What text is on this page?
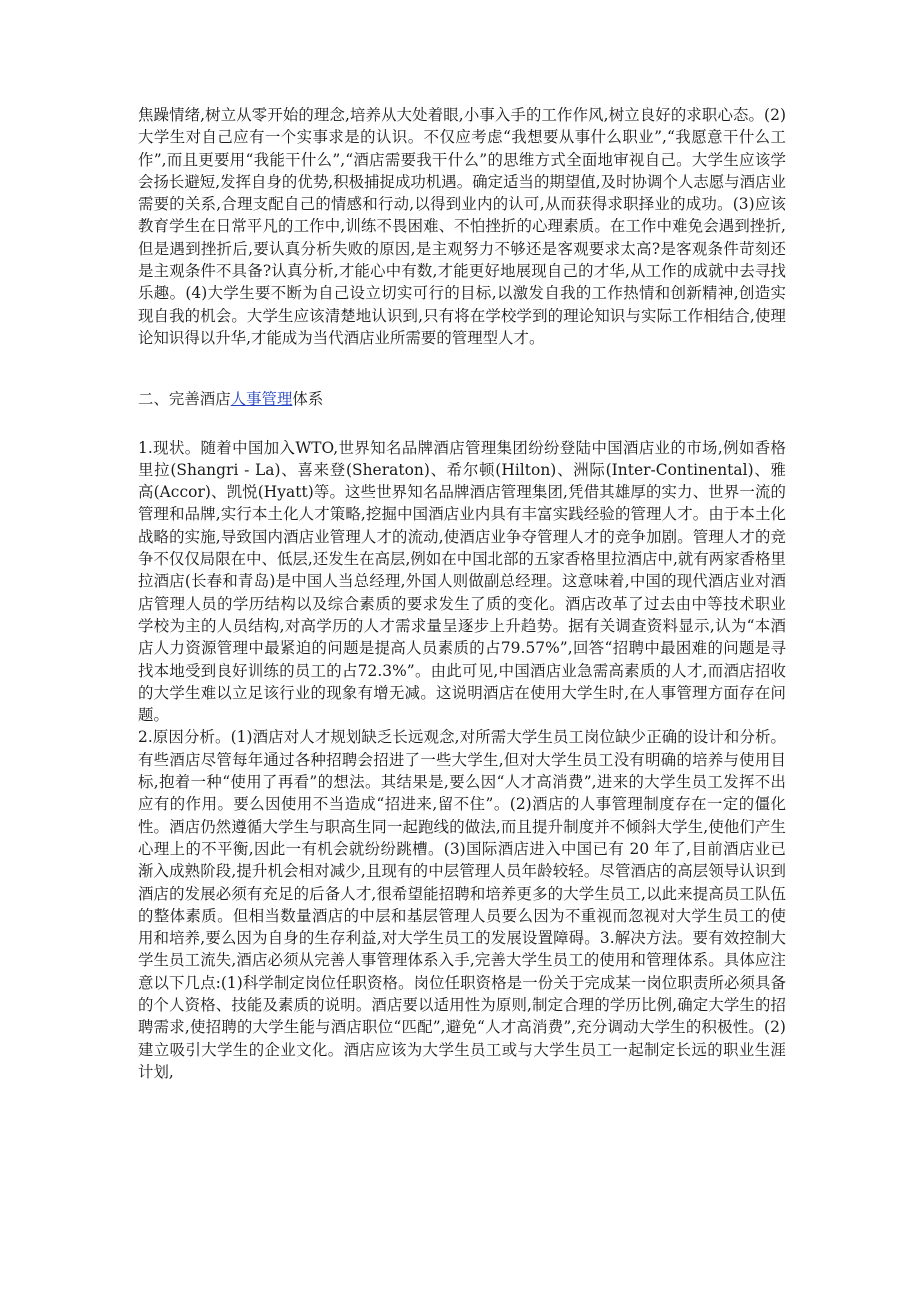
焦躁情绪,树立从零开始的理念,培养从大处着眼,小事入手的工作作风,树立良好的求职心态。(2)大学生对自己应有一个实事求是的认识。不仅应考虑“我想要从事什么职业”,“我愿意干什么工作”,而且更要用“我能干什么”,“酒店需要我干什么”的思维方式全面地审视自己。大学生应该学会扬长避短,发挥自身的优势,积极捕捉成功机遇。确定适当的期望值,及时协调个人志愿与酒店业需要的关系,合理支配自己的情感和行动,以得到业内的认可,从而获得求职择业的成功。(3)应该教育学生在日常平凡的工作中,训练不畏困难、不怕挫折的心理素质。在工作中难免会遇到挫折,但是遇到挫折后,要认真分析失败的原因,是主观努力不够还是客观要求太高?是客观条件苛刻还是主观条件不具备?认真分析,才能心中有数,才能更好地展现自己的才华,从工作的成就中去寻找乐趣。(4)大学生要不断为自己设立切实可行的目标,以激发自我的工作热情和创新精神,创造实现自我的机会。大学生应该清楚地认识到,只有将在学校学到的理论知识与实际工作相结合,使理论知识得以升华,才能成为当代酒店业所需要的管理型人才。

二、完善酒店人事管理体系

1.现状。随着中国加入WTO,世界知名品牌酒店管理集团纷纷登陆中国酒店业的市场,例如香格里拉(Shangri - La)、喜来登(Sheraton)、希尔顿(Hilton)、洲际(Inter-Continental)、雅高(Accor)、凯悦(Hyatt)等。这些世界知名品牌酒店管理集团,凭借其雄厚的实力、世界一流的管理和品牌,实行本土化人才策略,挖掘中国酒店业内具有丰富实践经验的管理人才。由于本土化战略的实施,导致国内酒店业管理人才的流动,使酒店业争夺管理人才的竞争加剧。管理人才的竞争不仅仅局限在中、低层,还发生在高层,例如在中国北部的五家香格里拉酒店中,就有两家香格里拉酒店(长春和青岛)是中国人当总经理,外国人则做副总经理。这意味着,中国的现代酒店业对酒店管理人员的学历结构以及综合素质的要求发生了质的变化。酒店改革了过去由中等技术职业学校为主的人员结构,对高学历的人才需求量呈逐步上升趋势。据有关调查资料显示,认为“本酒店人力资源管理中最紧迫的问题是提高人员素质的占79.57%”,回答“招聘中最困难的问题是寻找本地受到良好训练的员工的占72.3%”。由此可见,中国酒店业急需高素质的人才,而酒店招收的大学生难以立足该行业的现象有增无减。这说明酒店在使用大学生时,在人事管理方面存在问题。

2.原因分析。(1)酒店对人才规划缺乏长远观念,对所需大学生员工岗位缺少正确的设计和分析。有些酒店尽管每年通过各种招聘会招进了一些大学生,但对大学生员工没有明确的培养与使用目标,抱着一种“使用了再看”的想法。其结果是,要么因“人才高消费”,进来的大学生员工发挥不出应有的作用。要么因使用不当造成“招进来,留不住”。(2)酒店的人事管理制度存在一定的僵化性。酒店仍然遵循大学生与职高生同一起跑线的做法,而且提升制度并不倾斜大学生,使他们产生心理上的不平衡,因此一有机会就纷纷跳槽。(3)国际酒店进入中国已有 20 年了,目前酒店业已渐入成熟阶段,提升机会相对减少,且现有的中层管理人员年龄较轻。尽管酒店的高层领导认识到酒店的发展必须有充足的后备人才,很希望能招聘和培养更多的大学生员工,以此来提高员工队伍的整体素质。但相当数量酒店的中层和基层管理人员要么因为不重视而忽视对大学生员工的使用和培养,要么因为自身的生存利益,对大学生员工的发展设置障碍。3.解决方法。要有效控制大学生员工流失,酒店必须从完善人事管理体系入手,完善大学生员工的使用和管理体系。具体应注意以下几点:(1)科学制定岗位任职资格。岗位任职资格是一份关于完成某一岗位职责所必须具备的个人资格、技能及素质的说明。酒店要以适用性为原则,制定合理的学历比例,确定大学生的招聘需求,使招聘的大学生能与酒店职位“匹配”,避免“人才高消费”,充分调动大学生的积极性。(2)建立吸引大学生的企业文化。酒店应该为大学生员工或与大学生员工一起制定长远的职业生涯计划,
